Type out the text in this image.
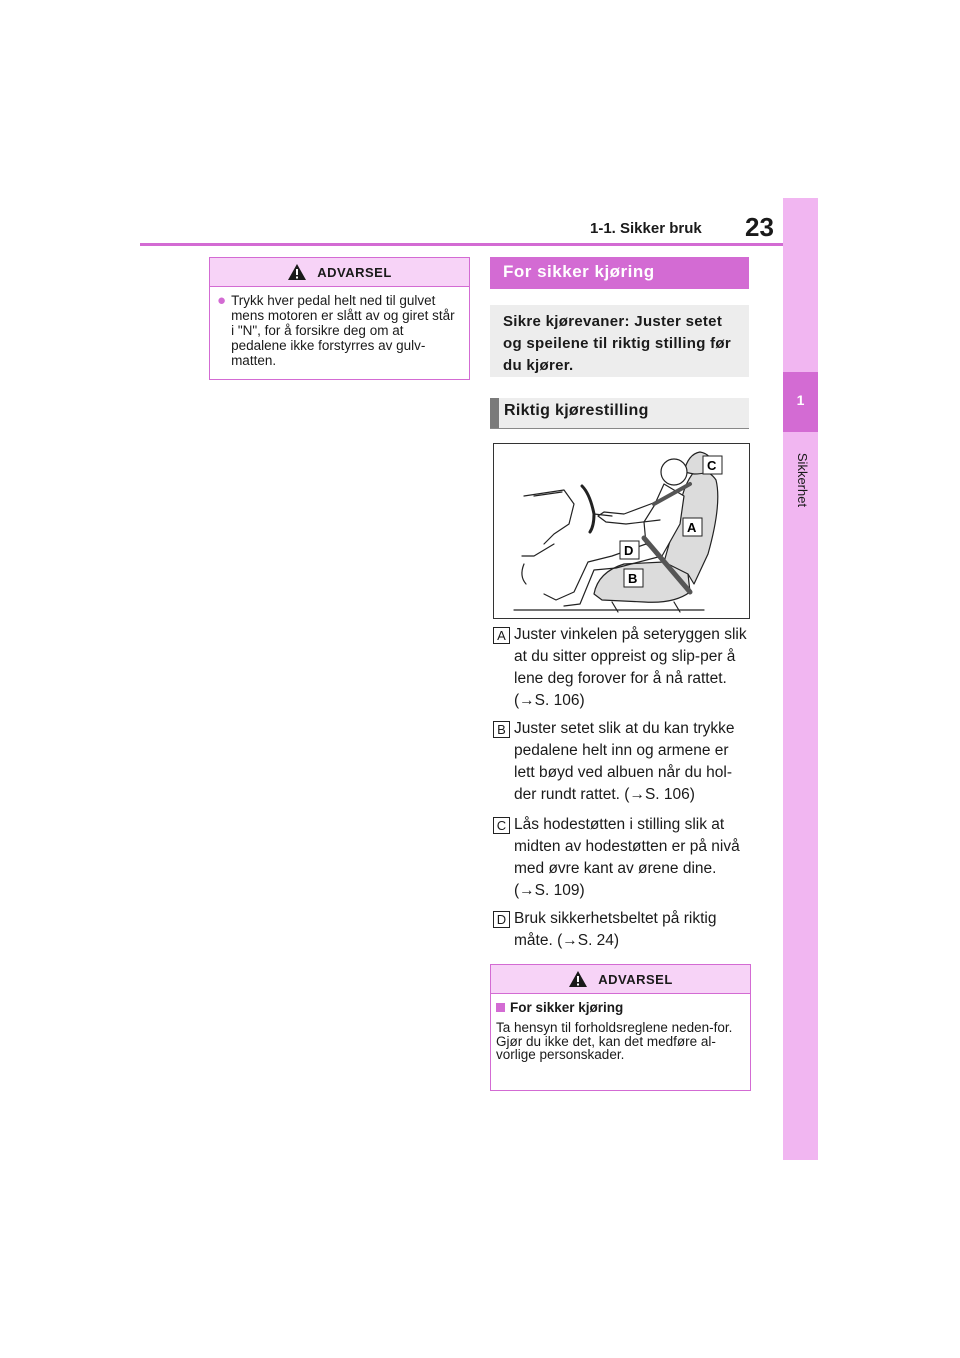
1-1. Sikker bruk 23
1
Sikkerhet
ADVARSEL
● Trykk hver pedal helt ned til gulvet mens motoren er slått av og giret står i "N", for å forsikre deg om at pedalene ikke forstyrres av gulv-matten.
For sikker kjøring

Sikre kjørevaner: Juster setet og speilene til riktig stilling før du kjører.

Riktig kjørestilling
C
A
D
B
A Juster vinkelen på seteryggen slik at du sitter oppreist og slip-per å lene deg forover for å nå rattet. (→S. 106)
B Juster setet slik at du kan trykke pedalene helt inn og armene er lett bøyd ved albuen når du hol-der rundt rattet. (→S. 106)
C Lås hodestøtten i stilling slik at midten av hodestøtten er på nivå med øvre kant av ørene dine. (→S. 109)
D Bruk sikkerhetsbeltet på riktig måte. (→S. 24)
ADVARSEL
For sikker kjøring
Ta hensyn til forholdsreglene neden-for.
Gjør du ikke det, kan det medføre al-vorlige personskader.
